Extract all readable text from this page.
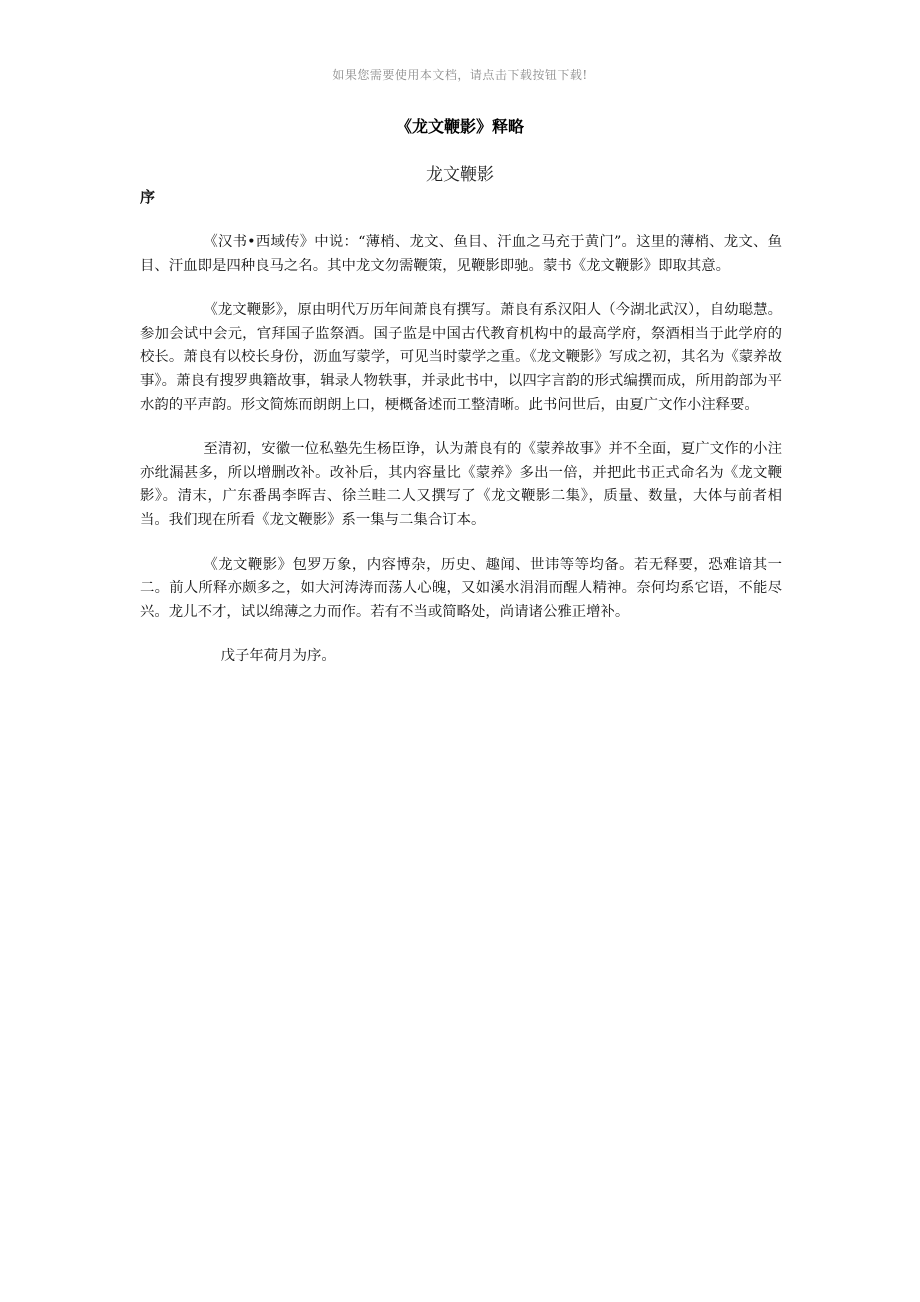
如果您需要使用本文档，请点击下载按钮下载!
《龙文鞭影》释略
龙文鞭影
序

《汉书•西域传》中说：“薄梢、龙文、鱼目、汗血之马充于黄门”。这里的薄梢、龙文、鱼目、汗血即是四种良马之名。其中龙文勿需鞭策，见鞭影即驰。蒙书《龙文鞭影》即取其意。

《龙文鞭影》，原由明代万历年间萧良有撰写。萧良有系汉阳人（今湖北武汉），自幼聪慧。参加会试中会元，官拜国子监祭酒。国子监是中国古代教育机构中的最高学府，祭酒相当于此学府的校长。萧良有以校长身份，沥血写蒙学，可见当时蒙学之重。《龙文鞭影》写成之初，其名为《蒙养故事》。萧良有搜罗典籍故事，辑录人物轶事，并录此书中，以四字言韵的形式编撰而成，所用韵部为平水韵的平声韵。形文简炼而朗朗上口，梗概备述而工整清晰。此书问世后，由夏广文作小注释要。

至清初，安徽一位私塾先生杨臣诤，认为萧良有的《蒙养故事》并不全面，夏广文作的小注亦纰漏甚多，所以增删改补。改补后，其内容量比《蒙养》多出一倍，并把此书正式命名为《龙文鞭影》。清末，广东番禺李晖吉、徐兰畦二人又撰写了《龙文鞭影二集》，质量、数量，大体与前者相当。我们现在所看《龙文鞭影》系一集与二集合订本。

《龙文鞭影》包罗万象，内容博杂，历史、趣闻、世讳等等均备。若无释要，恐难谙其一二。前人所释亦颇多之，如大河涛涛而荡人心魄，又如溪水涓涓而醒人精神。奈何均系它语，不能尽兴。龙儿不才，试以绵薄之力而作。若有不当或简略处，尚请诸公雅正增补。

戊子年荷月为序。
